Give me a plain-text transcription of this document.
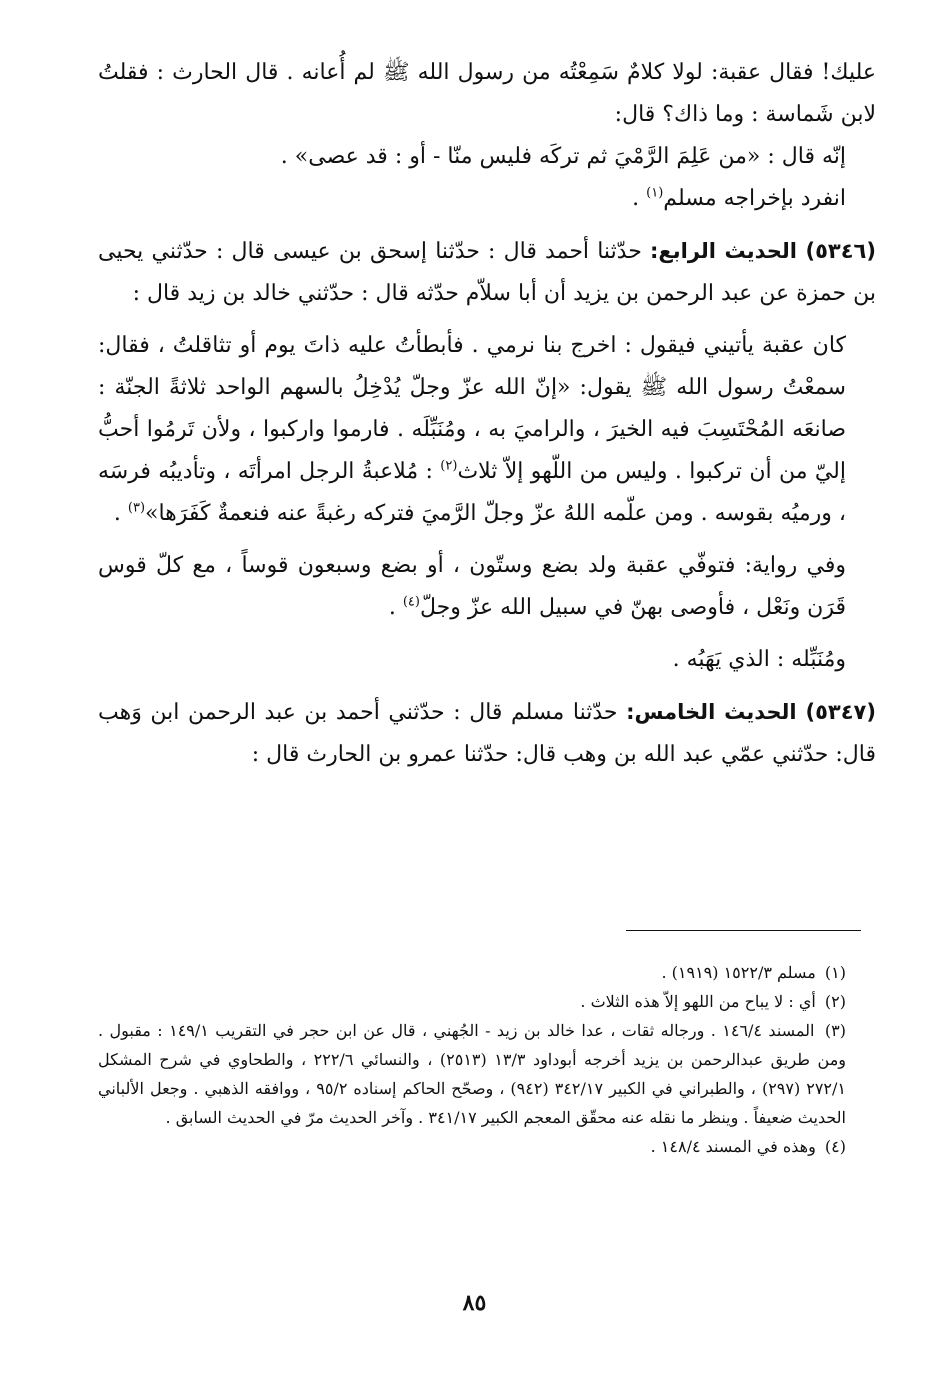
عليك! فقال عقبة: لولا كلامٌ سَمِعْتُه من رسول الله ﷺ لم أُعانه . قال الحارث : فقلتُ لابن شَماسة : وما ذاك؟ قال:

إنّه قال : «من عَلِمَ الرَّمْيَ ثم تركَه فليس منّا - أو : قد عصى» .

انفرد بإخراجه مسلم$^{(١)}$ .

(٥٣٤٦) الحديث الرابع: حدّثنا أحمد قال : حدّثنا إسحق بن عيسى قال : حدّثني يحيى بن حمزة عن عبد الرحمن بن يزيد أن أبا سلاّم حدّثه قال : حدّثني خالد بن زيد قال :

كان عقبة يأتيني فيقول : اخرج بنا نرمي . فأبطأتُ عليه ذاتَ يوم أو تثاقلتُ ، فقال: سمعْتُ رسول الله ﷺ يقول: «إنّ الله عزّ وجلّ يُدْخِلُ بالسهم الواحد ثلاثةً الجنّة : صانعَه المُحْتَسِبَ فيه الخيرَ ، والراميَ به ، ومُنَبِّلَه . فارموا واركبوا ، ولأن تَرمُوا أحبُّ إليّ من أن تركبوا . وليس من اللّهو إلاّ ثلاث$^{(٢)}$ : مُلاعبةُ الرجل امرأتَه ، وتأديبُه فرسَه ، ورميُه بقوسه . ومن علّمه اللهُ عزّ وجلّ الرَّميَ فتركه رغبةً عنه فنعمةٌ كَفَرَها»$^{(٣)}$ .

وفي رواية: فتوفّي عقبة ولد بضع وستّون ، أو بضع وسبعون قوساً ، مع كلّ قوس قَرَن ونَعْل ، فأوصى بهنّ في سبيل الله عزّ وجلّ$^{(٤)}$ .

ومُنَبِّله : الذي يَهَبُه .

(٥٣٤٧) الحديث الخامس: حدّثنا مسلم قال : حدّثني أحمد بن عبد الرحمن ابن وَهب قال: حدّثني عمّي عبد الله بن وهب قال: حدّثنا عمرو بن الحارث قال :

(١) مسلم ١٥٢٢/٣ (١٩١٩) .

(٢) أي : لا يباح من اللهو إلاّ هذه الثلاث .

(٣) المسند ١٤٦/٤ . ورجاله ثقات ، عدا خالد بن زيد - الجُهني ، قال عن ابن حجر في التقريب ١٤٩/١ : مقبول . ومن طريق عبدالرحمن بن يزيد أخرجه أبوداود ١٣/٣ (٢٥١٣) ، والنسائي ٢٢٢/٦ ، والطحاوي في شرح المشكل ٢٧٢/١ (٢٩٧) ، والطبراني في الكبير ٣٤٢/١٧ (٩٤٢) ، وصحّح الحاكم إسناده ٩٥/٢ ، ووافقه الذهبي . وجعل الألباني الحديث ضعيفاً . وينظر ما نقله عنه محقّق المعجم الكبير ٣٤١/١٧ . وآخر الحديث مرّ في الحديث السابق .

(٤) وهذه في المسند ١٤٨/٤ .

٨٥
